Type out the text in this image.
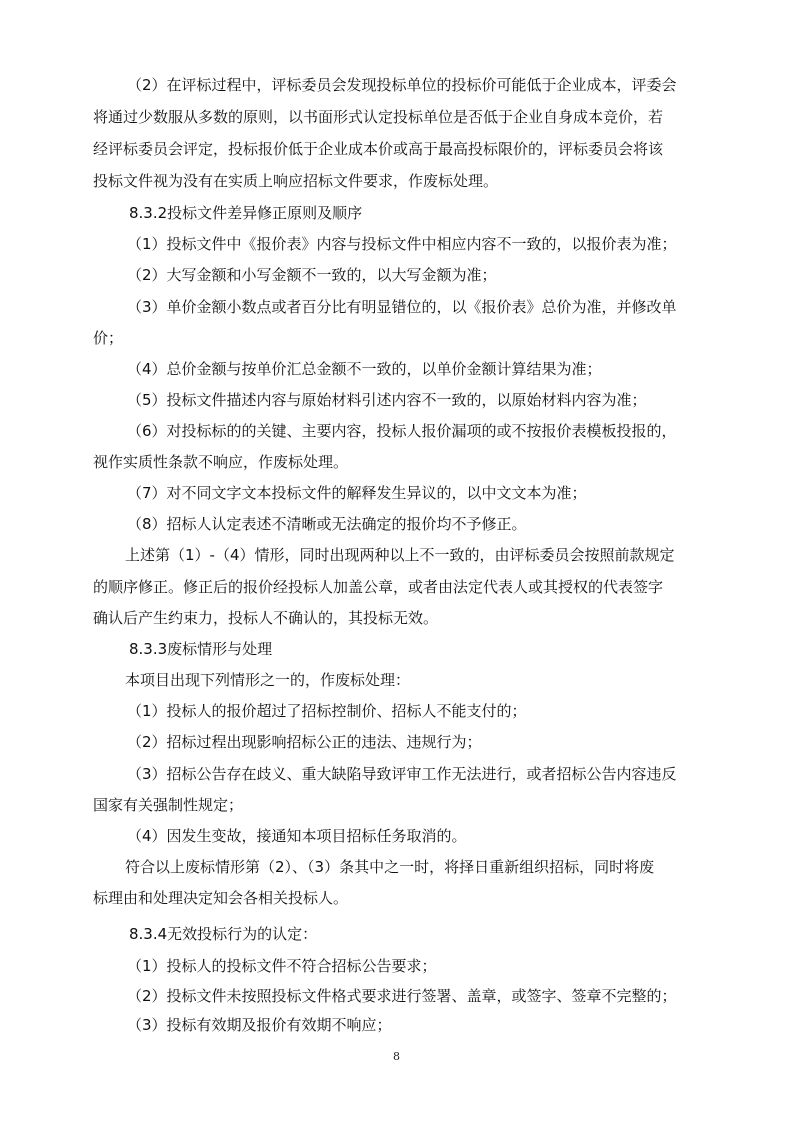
（2）在评标过程中，评标委员会发现投标单位的投标价可能低于企业成本，评委会
将通过少数服从多数的原则，以书面形式认定投标单位是否低于企业自身成本竞价，若
经评标委员会评定，投标报价低于企业成本价或高于最高投标限价的，评标委员会将该
投标文件视为没有在实质上响应招标文件要求，作废标处理。
8.3.2投标文件差异修正原则及顺序
（1）投标文件中《报价表》内容与投标文件中相应内容不一致的，以报价表为准；
（2）大写金额和小写金额不一致的，以大写金额为准；
（3）单价金额小数点或者百分比有明显错位的，以《报价表》总价为准，并修改单
价；
（4）总价金额与按单价汇总金额不一致的，以单价金额计算结果为准；
（5）投标文件描述内容与原始材料引述内容不一致的，以原始材料内容为准；
（6）对投标标的的关键、主要内容，投标人报价漏项的或不按报价表模板投报的，
视作实质性条款不响应，作废标处理。
（7）对不同文字文本投标文件的解释发生异议的，以中文文本为准；
（8）招标人认定表述不清晰或无法确定的报价均不予修正。
上述第（1）-（4）情形，同时出现两种以上不一致的，由评标委员会按照前款规定
的顺序修正。修正后的报价经投标人加盖公章，或者由法定代表人或其授权的代表签字
确认后产生约束力，投标人不确认的，其投标无效。
8.3.3废标情形与处理
本项目出现下列情形之一的，作废标处理：
（1）投标人的报价超过了招标控制价、招标人不能支付的；
（2）招标过程出现影响招标公正的违法、违规行为；
（3）招标公告存在歧义、重大缺陷导致评审工作无法进行，或者招标公告内容违反
国家有关强制性规定；
（4）因发生变故，接通知本项目招标任务取消的。
符合以上废标情形第（2）、（3）条其中之一时，将择日重新组织招标，同时将废
标理由和处理决定知会各相关投标人。
8.3.4无效投标行为的认定：
（1）投标人的投标文件不符合招标公告要求；
（2）投标文件未按照投标文件格式要求进行签署、盖章，或签字、签章不完整的；
（3）投标有效期及报价有效期不响应；
8
